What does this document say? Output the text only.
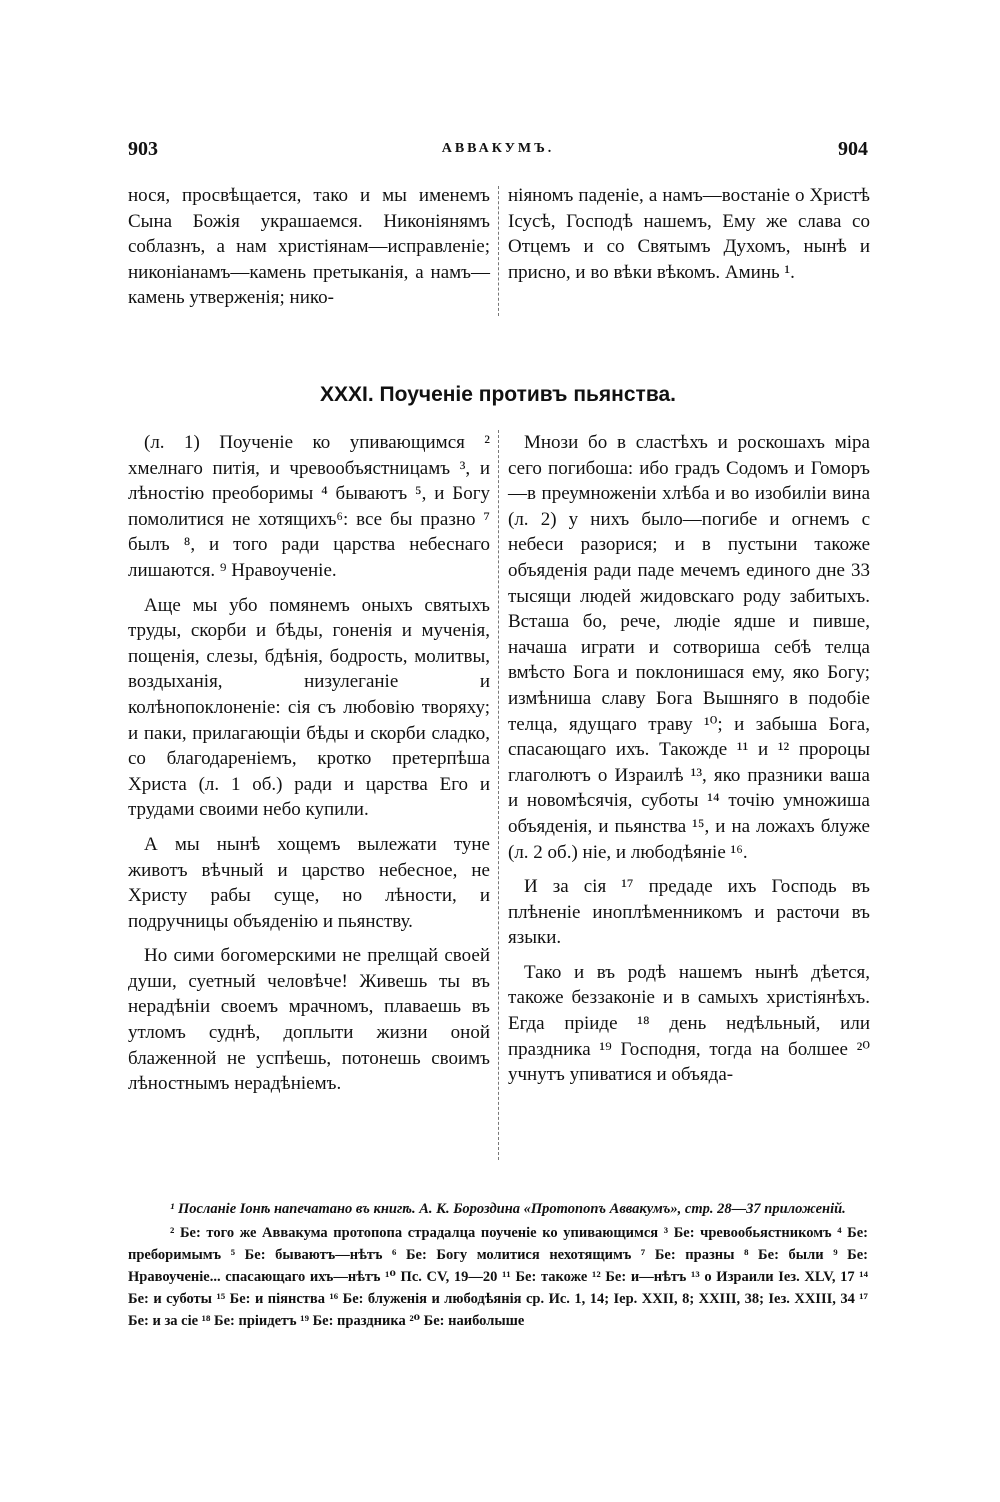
903	АВВАКУМЪ.	904

нося, просвѣщается, тако и мы именемъ Сына Божія украшаемся. Никоніянямъ соблазнъ, а нам христіянам—исправленіе; никоніанамъ—камень претыканія, а намъ—камень утверженія; нико-

ніяномъ паденіе, а намъ—востаніе о Христѣ Ісусѣ, Господѣ нашемъ, Ему же слава со Отцемъ и со Святымъ Духомъ, нынѣ и присно, и во вѣки вѣкомъ. Аминь ¹.

XXXI. Поученіе противъ пьянства.

(л. 1) Поученіе ко упивающимся ² хмелнаго питія, и чревообъястницамъ ³, и лѣностію преоборимы ⁴ бываютъ ⁵, и Богу помолитися не хотящихъ⁶: все бы празно ⁷ былъ ⁸, и того ради царства небеснаго лишаются. ⁹ Нравоученіе.

Аще мы убо помянемъ оныхъ святыхъ труды, скорби и бѣды, гоненія и мученія, пощенія, слезы, бдѣнія, бодрость, молитвы, воздыханія, низулеганіе и колѣнопоклоненіе: сія съ любовію творяху; и паки, прилагающіи бѣды и скорби сладко, со благодареніемъ, кротко претерпѣша Христа (л. 1 об.) ради и царства Его и трудами своими небо купили.

А мы нынѣ хощемъ вылежати туне животъ вѣчный и царство небесное, не Христу рабы суще, но лѣности, и подручницы объяденію и пьянству.

Но сими богомерскими не прелщай своей души, суетный человѣче! Живешь ты въ нерадѣніи своемъ мрачномъ, плаваешь въ утломъ суднѣ, доплыти жизни оной блаженной не успѣешь, потонешь своимъ лѣностнымъ нерадѣніемъ.

Мнози бо в сластѣхъ и роскошахъ міра сего погибоша: ибо градъ Содомъ и Гоморъ—в преумноженіи хлѣба и во изобиліи вина (л. 2) у нихъ было—погибе и огнемъ с небеси разорися; и в пустыни такоже объяденія ради паде мечемъ единого дне 33 тысящи людей жидовскаго роду забитыхъ. Всташа бо, рече, людіе ядше и пивше, начаша играти и сотвориша себѣ телца вмѣсто Бога и поклонишася ему, яко Богу; измѣниша славу Бога Вышняго в подобіе телца, ядущаго траву ¹⁰; и забыша Бога, спасающаго ихъ. Такожде ¹¹ и ¹² пророцы глаголютъ о Израилѣ ¹³, яко празники ваша и новомѣсячія, суботы ¹⁴ точію умножиша объяденія, и пьянства ¹⁵, и на ложахъ блуже (л. 2 об.) ніе, и любодѣяніе ¹⁶.

И за сія ¹⁷ предаде ихъ Господь въ плѣненіе иноплѣменникомъ и расточи въ языки.

Тако и въ родѣ нашемъ нынѣ дѣется, такоже беззаконіе и в самыхъ христіянѣхъ. Егда пріиде ¹⁸ день недѣльный, или праздника ¹⁹ Господня, тогда на болшее ²⁰ учнутъ упиватися и объяда-

¹ Посланіе Іонѣ напечатано въ книгѣ. А. К. Бороздина «Протопопъ Аввакумъ», стр. 28—37 приложеній.

² Бе: того же Аввакума протопопа страдалца поученіе ко упивающимся ³ Бе: чревообьястникомъ ⁴ Бе: преборимымъ ⁵ Бе: бываютъ—нѣтъ ⁶ Бе: Богу молитися нехотящимъ ⁷ Бе: празны ⁸ Бе: были ⁹ Бе: Нравоученіе... спасающаго ихъ—нѣтъ ¹⁰ Пс. CV, 19—20 ¹¹ Бе: такоже ¹² Бе: и—нѣтъ ¹³ о Израили Іез. XLV, 17 ¹⁴ Бе: и суботы ¹⁵ Бе: и піянства ¹⁶ Бе: блуженія и любодѣянія ср. Ис. 1, 14; Іер. XXII, 8; XXIII, 38; Іез. XXIII, 34 ¹⁷ Бе: и за сіе ¹⁸ Бе: пріидетъ ¹⁹ Бе: праздника ²⁰ Бе: наиболыше
